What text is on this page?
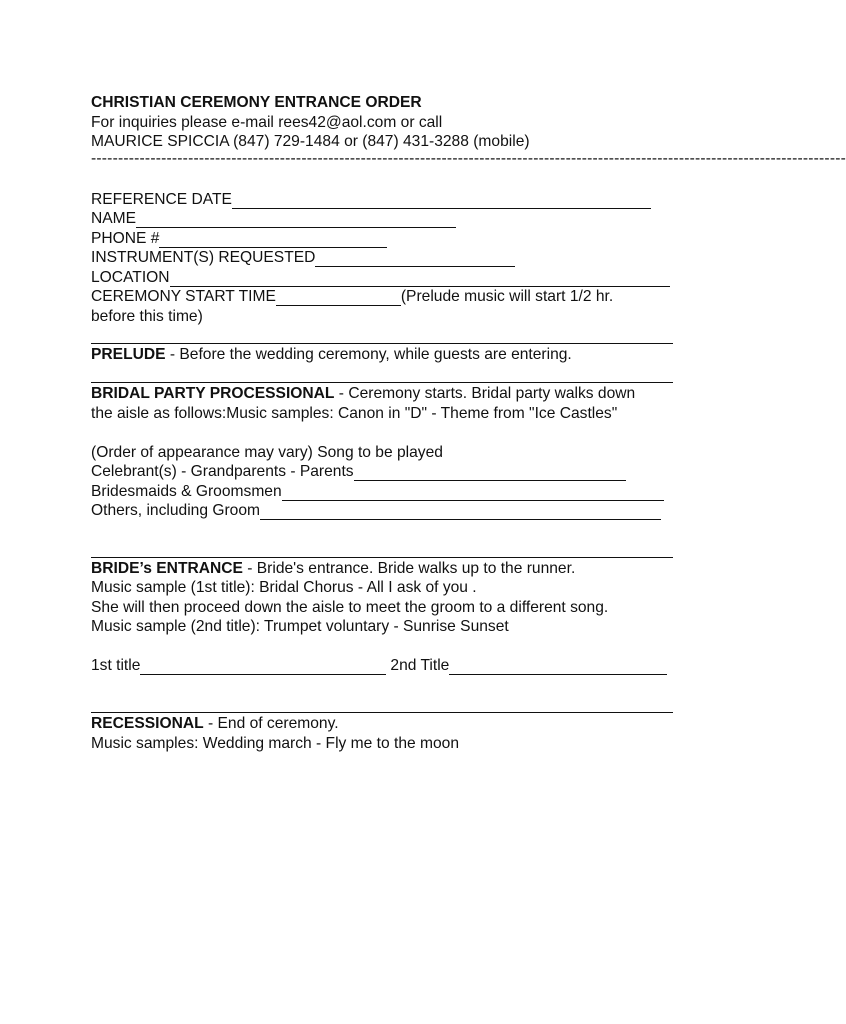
CHRISTIAN CEREMONY ENTRANCE ORDER
For inquiries please e-mail rees42@aol.com or call
MAURICE SPICCIA (847) 729-1484 or (847) 431-3288 (mobile)
--------------------------------------------------------------------------------------------------------------------------------------------
REFERENCE DATE
NAME
PHONE #
INSTRUMENT(S) REQUESTED
LOCATION
CEREMONY START TIME	(Prelude music will start 1/2 hr.
before this time)
PRELUDE - Before the wedding ceremony, while guests are entering.
BRIDAL PARTY PROCESSIONAL - Ceremony starts. Bridal party walks down
the aisle as follows:Music samples: Canon in "D" - Theme from "Ice Castles"
(Order of appearance may vary) Song to be played
Celebrant(s) - Grandparents - Parents
Bridesmaids & Groomsmen
Others, including Groom
BRIDE’s ENTRANCE - Bride's entrance. Bride walks up to the runner.
Music sample (1st title): Bridal Chorus - All I ask of you .
She will then proceed down the aisle to meet the groom to a different song.
Music sample (2nd title): Trumpet voluntary - Sunrise Sunset
1st title	2nd Title
RECESSIONAL - End of ceremony.
Music samples: Wedding march - Fly me to the moon
